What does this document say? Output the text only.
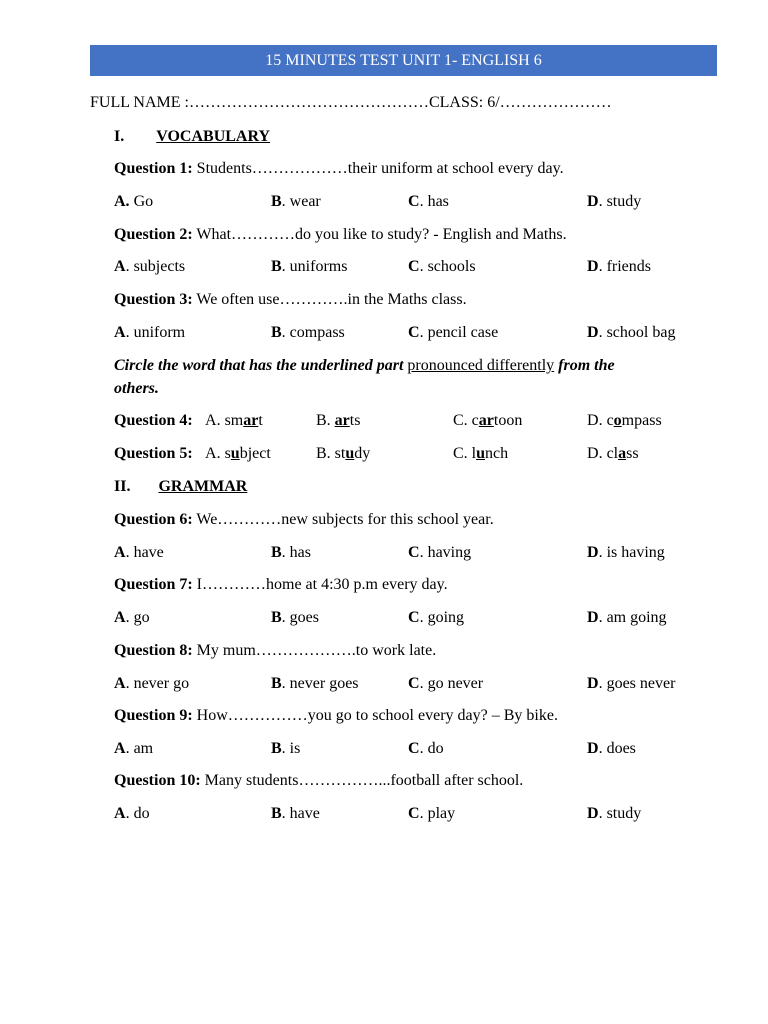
15 MINUTES TEST UNIT 1- ENGLISH 6
FULL NAME :………………………………………CLASS: 6/…………………
I. VOCABULARY
Question 1: Students………………their uniform at school every day.
A. Go	B. wear	C. has	D. study
Question 2: What…………do you like to study? - English and Maths.
A. subjects	B. uniforms	C. schools	D. friends
Question 3: We often use………….in the Maths class.
A. uniform	B. compass	C. pencil case	D. school bag
Circle the word that has the underlined part pronounced differently from the
others.
Question 4: A. smart	B. arts	C. cartoon	D. compass
Question 5: A. subject	B. study	C. lunch	D. class
II. GRAMMAR
Question 6: We…………new subjects for this school year.
A. have	B. has	C. having	D. is having
Question 7: I…………home at 4:30 p.m every day.
A. go	B. goes	C. going	D. am going
Question 8: My mum……………….to work late.
A. never go	B. never goes	C. go never	D. goes never
Question 9: How……………you go to school every day? – By bike.
A. am	B. is	C. do	D. does
Question 10: Many students……………...football after school.
A. do	B. have	C. play	D. study
